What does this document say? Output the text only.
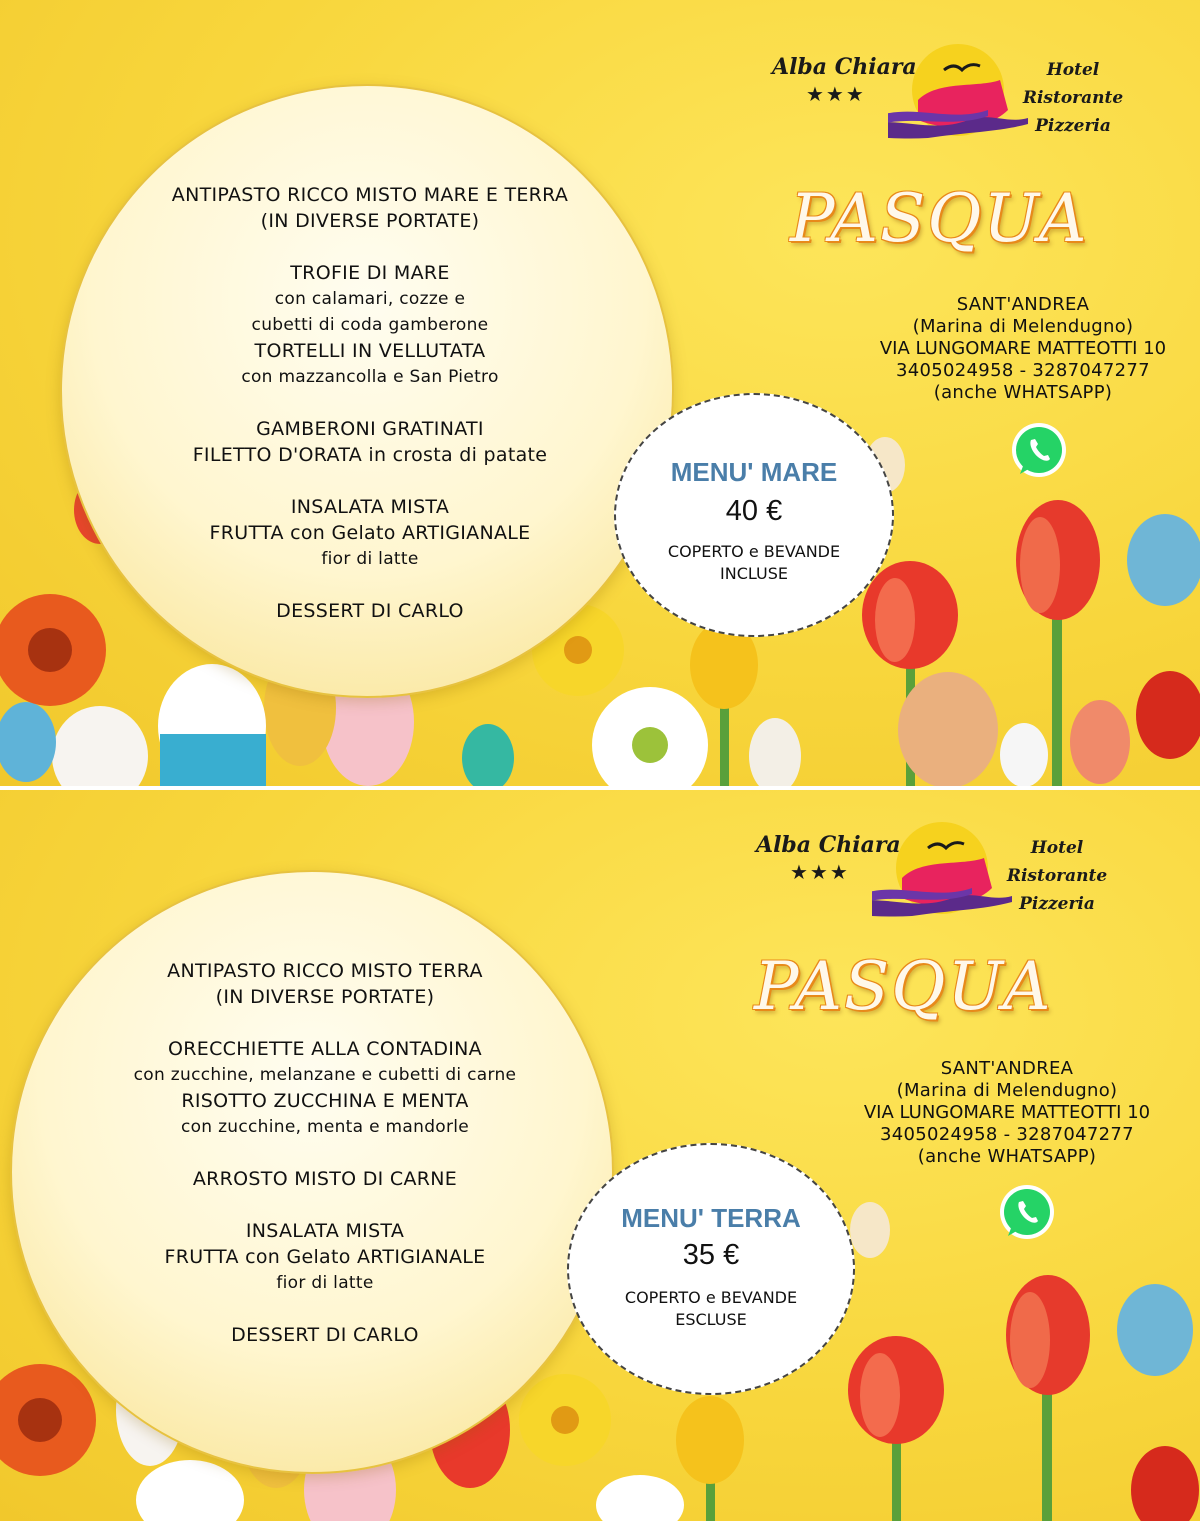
ANTIPASTO RICCO MISTO MARE E TERRA
(IN DIVERSE PORTATE)
TROFIE DI MARE
con calamari, cozze e
cubetti di coda gamberone
TORTELLI IN VELLUTATA
con mazzancolla e San Pietro
GAMBERONI GRATINATI
FILETTO D'ORATA in crosta di patate
INSALATA MISTA
FRUTTA con Gelato ARTIGIANALE
fior di latte
DESSERT DI CARLO
MENU' MARE
40 €
COPERTO e BEVANDE
INCLUSE
Alba Chiara
★★★
Hotel
Ristorante
Pizzeria
PASQUA
SANT'ANDREA
(Marina di Melendugno)
VIA LUNGOMARE MATTEOTTI 10
3405024958 - 3287047277
(anche WHATSAPP)
ANTIPASTO RICCO MISTO TERRA
(IN DIVERSE PORTATE)
ORECCHIETTE ALLA CONTADINA
con zucchine, melanzane e cubetti di carne
RISOTTO ZUCCHINA E MENTA
con zucchine, menta e mandorle
ARROSTO MISTO DI CARNE
INSALATA MISTA
FRUTTA con Gelato ARTIGIANALE
fior di latte
DESSERT DI CARLO
MENU' TERRA
35 €
COPERTO e BEVANDE
ESCLUSE
Alba Chiara
★★★
Hotel
Ristorante
Pizzeria
PASQUA
SANT'ANDREA
(Marina di Melendugno)
VIA LUNGOMARE MATTEOTTI 10
3405024958 - 3287047277
(anche WHATSAPP)
